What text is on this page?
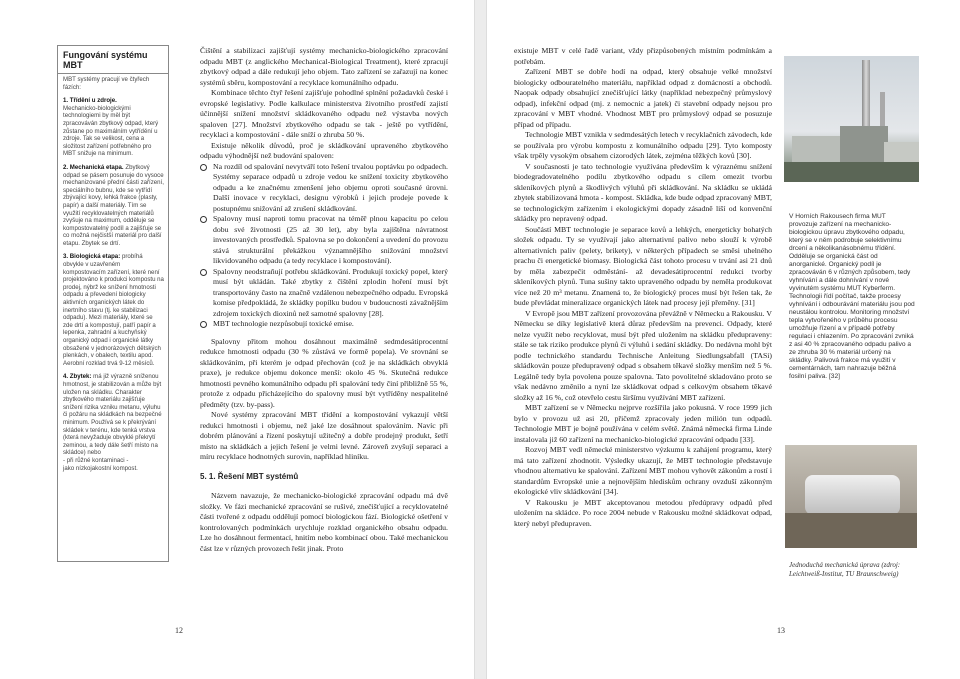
Fungování systému MBT

MBT systémy pracují ve čtyřech fázích:

1. Třídění u zdroje.
Mechanicko-biologickými technologiemi by měl být zpracováván zbytkový odpad, který zůstane po maximálním vytřídění u zdroje. Tak se velikost, cena a složitost zařízení potřebného pro MBT snižuje na minimum.

2. Mechanická etapa. Zbytkový odpad se pásem posunuje do vysoce mechanizované přední části zařízení, speciálního bubnu, kde se vytřídí zbývající kovy, lehká frakce (plasty, papír) a další materiály. Tím se využití recyklovatelných materiálů zvyšuje na maximum, odděluje se kompostovatelný podíl a zajišťuje se co možná nejčistší materiál pro další etapu. Zbytek se drtí.

3. Biologická etapa: probíhá obvykle v uzavřeném kompostovacím zařízení, které není projektováno k produkci kompostu na prodej, nýbrž ke snížení hmotnosti odpadu a převedení biologicky aktivních organických látek do inertního stavu (tj. ke stabilizaci odpadu). Mezi materiály, které se zde drtí a kompostují, patří papír a lepenka, zahradní a kuchyňský organický odpad i organické látky obsažené v jednorázových dětských plenkách, v obalech, textilu apod. Aerobní rozklad trvá 9-12 měsíců.

4. Zbytek: má již výrazně sníženou hmotnost, je stabilizován a může být uložen na skládku. Charakter zbytkového materiálu zajišťuje snížení rizika vzniku metanu, výluhu či požáru na skládkách na bezpečné minimum. Používá se k překrývání skládek v terénu, kde tenká vrstva (která nevyžaduje obvyklé překrytí zeminou, a tedy dále šetří místo na skládce) nebo
- při růžné kontaminaci -
jako nízkojakostní kompost.

Čištění a stabilizaci zajišťují systémy mechanicko-biologického zpracování odpadu MBT (z anglického Mechanical-Biological Treatment), které zpracují zbytkový odpad a dále redukují jeho objem. Tato zařízení se zařazují na konec systémů sběru, kompostování a recyklace komunálního odpadu.

Kombinace těchto čtyř řešení zajišťuje pohodlné splnění požadavků české i evropské legislativy. Podle kalkulace ministerstva životního prostředí zajistí účinnější snížení množství skládkovaného odpadu než výstavba nových spaloven [27]. Množství zbytkového odpadu se tak - ještě po vytřídění, recyklaci a kompostování - dále sníží o zhruba 50 %.

Existuje několik důvodů, proč je skládkování upraveného zbytkového odpadu výhodnější než budování spaloven:

Na rozdíl od spalování nevytváří toto řešení trvalou poptávku po odpadech. Systémy separace odpadů u zdroje vedou ke snížení toxicity zbytkového odpadu a ke značnému zmenšení jeho objemu oproti současné úrovni. Další inovace v recyklaci, designu výrobků i jejich prodeje povede k postupnému snižování až zrušení skládkování.
Spalovny musí naproti tomu pracovat na téměř plnou kapacitu po celou dobu své životnosti (25 až 30 let), aby byla zajištěna návratnost investovaných prostředků. Spalovna se po dokončení a uvedení do provozu stává strukturální překážkou významnějšího snižování množství likvidovaného odpadu (a tedy recyklace i kompostování).
Spalovny neodstraňují potřebu skládkování. Produkují toxický popel, který musí být ukládán. Také zbytky z čištění zplodin hoření musí být transportovány často na značně vzdálenou nebezpečného odpadu. Evropská komise předpokládá, že skládky popílku budou v budoucnosti závažnějším zdrojem toxických dioxinů než samotné spalovny [28].
MBT technologie nezpůsobují toxické emise.

Spalovny přitom mohou dosáhnout maximálně sedmdesátiprocentní redukce hmotnosti odpadu (30 % zůstává ve formě popela). Ve srovnání se skládkováním, při kterém je odpad přechován (což je na skládkách obvyklá praxe), je redukce objemu dokonce menší: okolo 45 %. Skutečná redukce hmotnosti pevného komunálního odpadu při spalování tedy činí přibližně 55 %, protože z odpadu přicházejícího do spalovny musí být vytříděny nespalitelné předměty (tzv. by-pass).

Nové systémy zpracování MBT třídění a kompostování vykazují větší redukci hmotnosti i objemu, než jaké lze dosáhnout spalováním. Navíc při dobrém plánování a řízení poskytují užitečný a dobře prodejný produkt, šetří místo na skládkách a jejich řešení je velmi levné. Zároveň zvyšují separaci a míru recyklace hodnotných surovin, například hliníku.

5. 1. Řešení MBT systémů

Názvem navazuje, že mechanicko-biologické zpracování odpadu má dvě složky. Ve fázi mechanické zpracování se rušivé, znečišťující a recyklovatelné části tvořené z odpadu oddělují pomocí biologickou fází. Biologické ošetření v kontrolovaných podmínkách urychluje rozklad organického obsahu odpadu. Lze ho dosáhnout fermentací, hnitím nebo kombinací obou. Také mechanickou část lze v různých provozech řešit jinak. Proto

12	13

existuje MBT v celé řadě variant, vždy přizpůsobených místním podmínkám a potřebám.

Zařízení MBT se dobře hodí na odpad, který obsahuje velké množství biologicky odbouratelného materiálu, například odpad z domácností a obchodů. Naopak odpady obsahující znečišťující látky (například nebezpečný průmyslový odpad), infekční odpad (mj. z nemocnic a jatek) či stavební odpady nejsou pro zpracování v MBT vhodné. Vhodnost MBT pro průmyslový odpad se posuzuje případ od případu.

Technologie MBT vznikla v sedmdesátých letech v recyklačních závodech, kde se používala pro výrobu kompostu z komunálního odpadu [29]. Tyto komposty však trpěly vysokým obsahem cizorodých látek, zejména těžkých kovů [30].

V současnosti je tato technologie využívána především k výraznému snížení biodegradovatelného podílu zbytkového odpadu s cílem omezit tvorbu skleníkových plynů a škodlivých výluhů při skládkování. Na skládku se ukládá zbytek stabilizovaná hmota - kompost. Skládka, kde bude odpad zpracovaný MBT, se technologickým zařízením i ekologickými dopady zásadně liší od konvenční skládky pro nepravený odpad.

Součástí MBT technologie je separace kovů a lehkých, energeticky bohatých složek odpadu. Ty se využívají jako alternativní palivo nebo slouží k výrobě alternativních paliv (pelety, brikety), v některých případech se směsi uhelného prachu či energetické biomasy. Biologická část tohoto procesu v trvání asi 21 dnů by měla zabezpečit odměstání- až devadesátiprocentní redukci tvorby skleníkových plynů. Tuna sušiny takto upraveného odpadu by neměla produkovat více než 20 m³ metanu. Znamená to, že biologický proces musí být řešen tak, že bude převládat mineralizace organických látek nad procesy její přeměny. [31]

V Evropě jsou MBT zařízení provozována převážně v Německu a Rakousku. V Německu se díky legislativě která důraz především na prevenci. Odpady, které nelze využít nebo recyklovat, musí být před uložením na skládku předupraveny: stále se tak riziko produkce plynů či výluhů i sedání skládky. Do nedávna mohl být podle technického standardu Technische Anleitung Siedlungsabfall (TASi) skládkován pouze předupravený odpad s obsahem těkavé složky menším než 5 %. Legálně tedy byla povolena pouze spalovna. Tato povolitelné skladováno proto se však nedávno změnilo a nyní lze skládkovat odpad s celkovým obsahem těkavé složky až 16 %, což otevřelo cestu širšímu využívání MBT zařízení.

MBT zařízení se v Německu nejprve rozšířila jako pokusná. V roce 1999 jich bylo v provozu už asi 20, přičemž zpracovaly jeden milión tun odpadů. Technologie MBT je bojně používána v celém světě. Známá německá firma Linde instalovala již 60 zařízení na mechanicko-biologické zpracování odpadu [33].

Rozvoj MBT vedl německé ministerstvo výzkumu k zahájení programu, který má tato zařízení zhodnotit. Výsledky ukazují, že MBT technologie představuje vhodnou alternativu ke spalování. Zařízení MBT mohou vyhovět zákonům a rostí i standardům Evropské unie a nejnovějším hlediskům ochrany ovzduší zákonným ekologické vliv skládkování [34].

V Rakousku je MBT akceptovanou metodou předúpravy odpadů před uložením na skládce. Po roce 2004 nebude v Rakousku možné skládkovat odpad, který nebyl předupraven.

V Horních Rakousech firma MUT provozuje zařízení na mechanicko-biologickou úpravu zbytkového odpadu, který se v něm podrobuje selektivnímu drcení a několikanásobnému třídění. Odděluje se organická část od anorganické. Organický podíl je zpracováván 6 v různých způsobem, tedy vyhnívání a dále dohnívání v nové vyvinutém systému MUT Kyberferm. Technologii řídí počítač, takže procesy vyhnívání i odbourávání materiálu jsou pod neustálou kontrolou. Monitoring množství tepla vytvořeného v průběhu procesu umožňuje řízení a v případě potřeby regulaci i chlazením. Po zpracování zvniká z asi 40 % zpracovaného odpadu palivo a ze zhruba 30 % materiál určený na skládky. Palivová frakce má využití v cementárnách, tam nahrazuje běžná fosilní paliva. [32]
Jednoduchá mechanická úprava (zdroj: Leichtweiß-Institut, TU Braunschweig)
